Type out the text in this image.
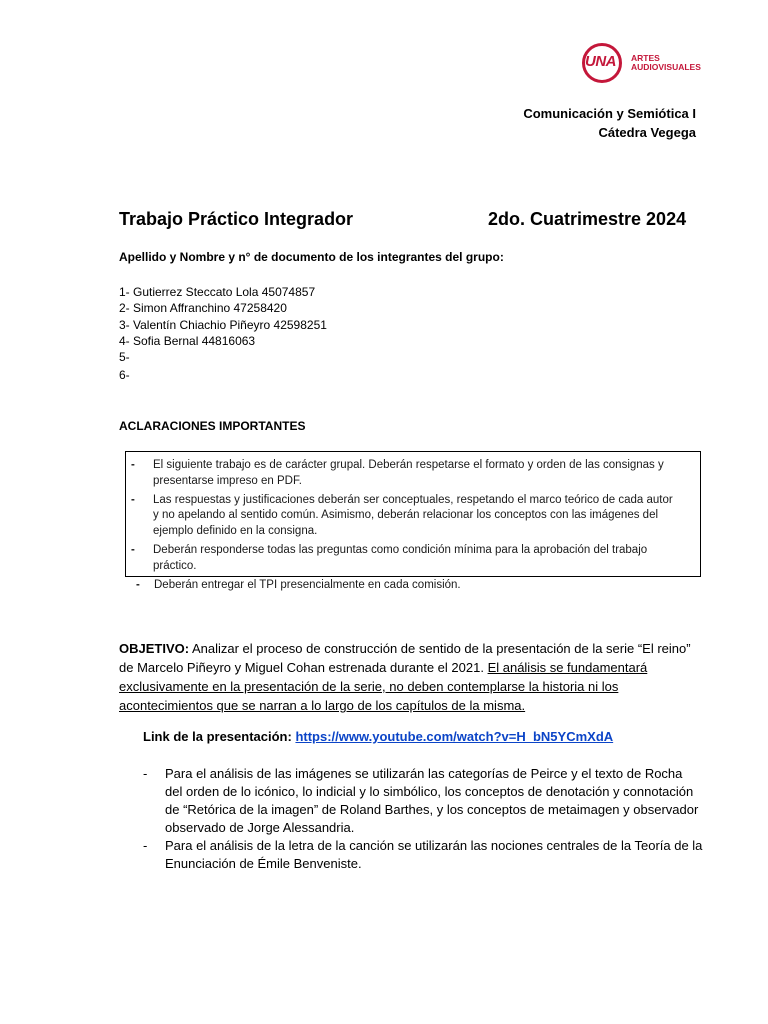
UNA	ARTES
AUDIOVISUALES
Comunicación y Semiótica I
Cátedra Vegega
Trabajo Práctico Integrador	2do. Cuatrimestre 2024
Apellido y Nombre y n° de documento de los integrantes del grupo:
1- Gutierrez Steccato Lola 45074857
2- Simon Affranchino 47258420
3- Valentín Chiachio Piñeyro 42598251
4- Sofia Bernal 44816063
5-
6-
ACLARACIONES IMPORTANTES
- El siguiente trabajo es de carácter grupal. Deberán respetarse el formato y orden de las consignas y presentarse impreso en PDF.
- Las respuestas y justificaciones deberán ser conceptuales, respetando el marco teórico de cada autor y no apelando al sentido común. Asimismo, deberán relacionar los conceptos con las imágenes del ejemplo definido en la consigna.
- Deberán responderse todas las preguntas como condición mínima para la aprobación del trabajo práctico.
- Deberán entregar el TPI presencialmente en cada comisión.
OBJETIVO: Analizar el proceso de construcción de sentido de la presentación de la serie “El reino” de Marcelo Piñeyro y Miguel Cohan estrenada durante el 2021. El análisis se fundamentará exclusivamente en la presentación de la serie, no deben contemplarse la historia ni los acontecimientos que se narran a lo largo de los capítulos de la misma.
Link de la presentación: https://www.youtube.com/watch?v=H_bN5YCmXdA
- Para el análisis de las imágenes se utilizarán las categorías de Peirce y el texto de Rocha del orden de lo icónico, lo indicial y lo simbólico, los conceptos de denotación y connotación de “Retórica de la imagen” de Roland Barthes, y los conceptos de metaimagen y observador observado de Jorge Alessandria.
- Para el análisis de la letra de la canción se utilizarán las nociones centrales de la Teoría de la Enunciación de Émile Benveniste.
